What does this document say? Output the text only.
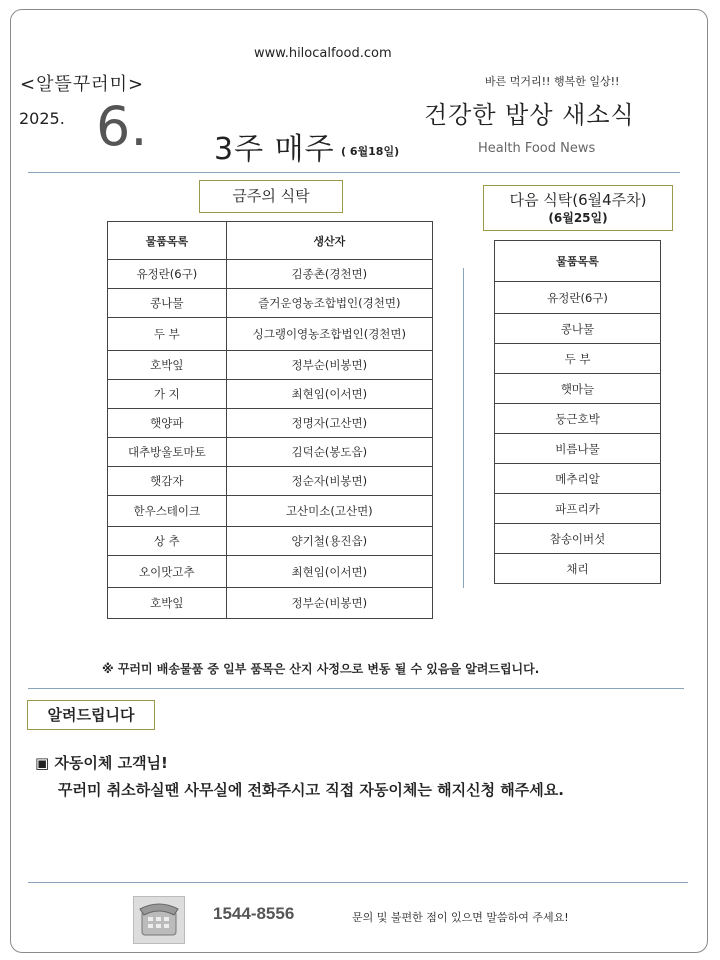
www.hilocalfood.com
<알뜰꾸러미>	바른 먹거리!! 행복한 일상!!
2025. 6.	건강한 밥상 새소식
3주 매주 ( 6월18일)	Health Food News
금주의 식탁	다음 식탁(6월4주차)
(6월25일)
물품목록	생산자
유정란(6구)	김종촌(경천면)
콩나물	즐거운영농조합법인(경천면)
두 부	싱그랭이영농조합법인(경천면)
호박잎	정부순(비봉면)
가 지	최현임(이서면)
햇양파	정명자(고산면)
대추방울토마토	김덕순(봉도읍)
햇감자	정순자(비봉면)
한우스테이크	고산미소(고산면)
상 추	양기철(용진읍)
오이맛고추	최현임(이서면)
호박잎	정부순(비봉면)
물품목록
유정란(6구)
콩나물
두 부
햇마늘
둥근호박
비름나물
메추리알
파프리카
참송이버섯
채리
※ 꾸러미 배송물품 중 일부 품목은 산지 사정으로 변동 될 수 있음을 알려드립니다.
알려드립니다
▣ 자동이체 고객님!
꾸러미 취소하실땐 사무실에 전화주시고 직접 자동이체는 해지신청 해주세요.
1544-8556	문의 및 불편한 점이 있으면 말씀하여 주세요!
